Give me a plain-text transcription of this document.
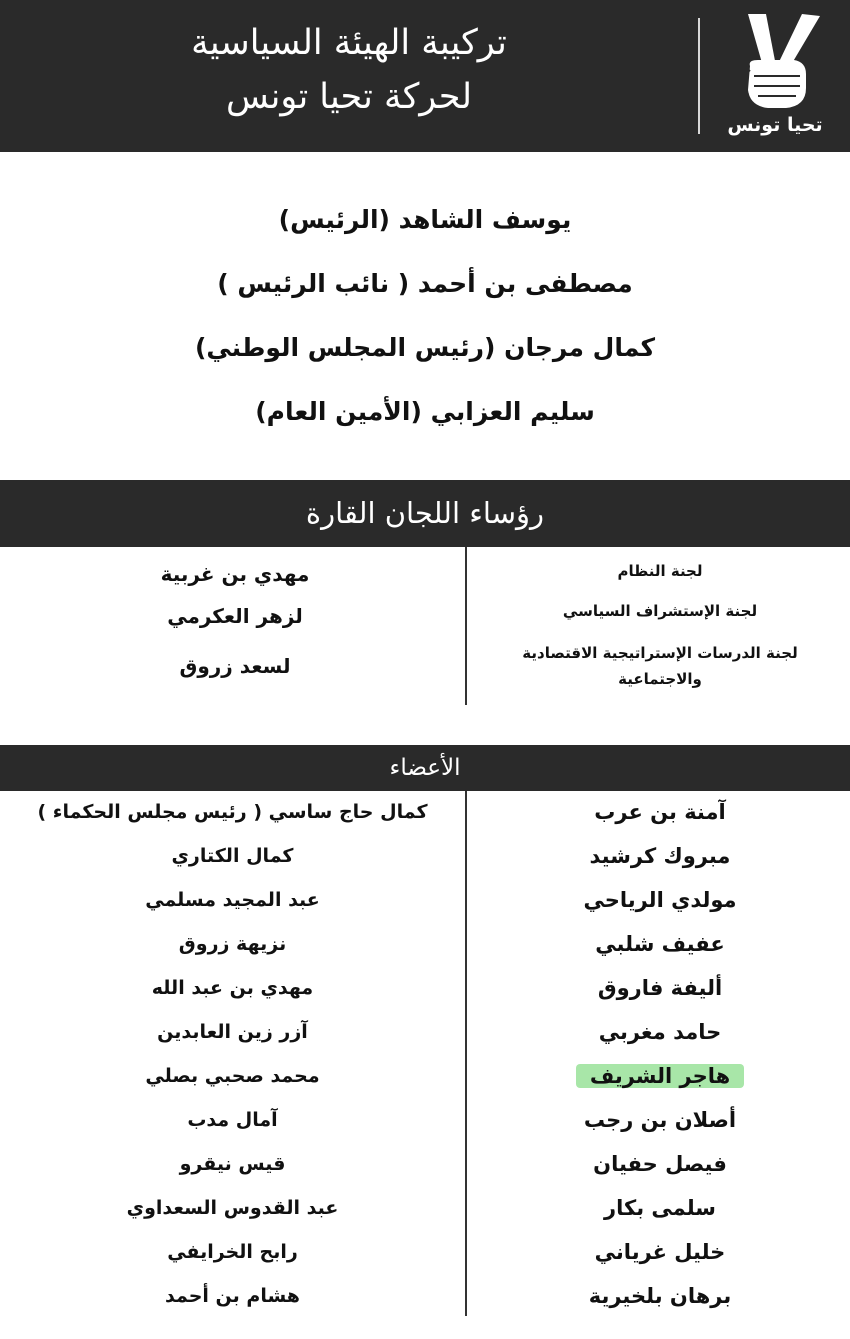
تحيا تونس
تركيبة الهيئة السياسية
لحركة تحيا تونس
يوسف الشاهد (الرئيس)
مصطفى بن أحمد ( نائب الرئيس )
كمال مرجان (رئيس المجلس الوطني)
سليم العزابي (الأمين العام)
رؤساء اللجان القارة
لجنة النظام
لجنة الإستشراف السياسي
لجنة الدرسات الإستراتيجية الاقتصادية والاجتماعية
مهدي بن غربية
لزهر العكرمي
لسعد زروق
الأعضاء
آمنة بن عرب
مبروك كرشيد
مولدي الرياحي
عفيف شلبي
أليفة فاروق
حامد مغربي
هاجر الشريف
أصلان بن رجب
فيصل حفيان
سلمى بكار
خليل غرياني
برهان بلخيرية
كمال حاج ساسي ( رئيس مجلس الحكماء )
كمال الكتاري
عبد المجيد مسلمي
نزيهة زروق
مهدي بن عبد الله
آزر زين العابدين
محمد صحبي بصلي
آمال مدب
قيس نيقرو
عبد القدوس السعداوي
رابح الخرايفي
هشام بن أحمد
